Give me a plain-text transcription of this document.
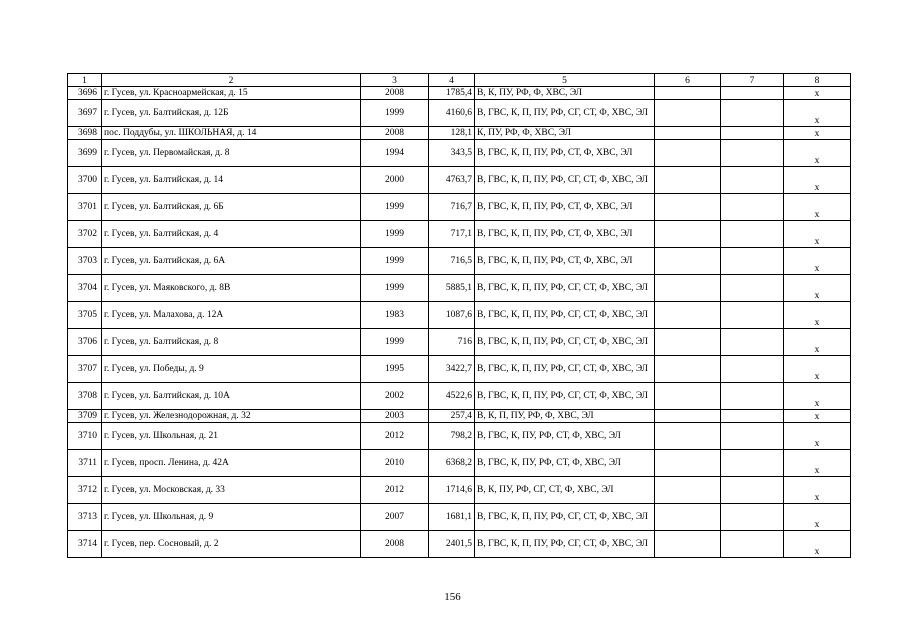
1	2	3	4	5	6	7	8
3696	г. Гусев, ул. Красноармейская, д. 15	2008	1785,4	В, К, ПУ, РФ, Ф, ХВС, ЭЛ			х
3697	г. Гусев, ул. Балтийская, д. 12Б	1999	4160,6	В, ГВС, К, П, ПУ, РФ, СГ, СТ, Ф, ХВС, ЭЛ			х
3698	пос. Поддубы, ул. ШКОЛЬНАЯ, д. 14	2008	128,1	К, ПУ, РФ, Ф, ХВС, ЭЛ			х
3699	г. Гусев, ул. Первомайская, д. 8	1994	343,5	В, ГВС, К, П, ПУ, РФ, СТ, Ф, ХВС, ЭЛ			х
3700	г. Гусев, ул. Балтийская, д. 14	2000	4763,7	В, ГВС, К, П, ПУ, РФ, СГ, СТ, Ф, ХВС, ЭЛ			х
3701	г. Гусев, ул. Балтийская, д. 6Б	1999	716,7	В, ГВС, К, П, ПУ, РФ, СТ, Ф, ХВС, ЭЛ			х
3702	г. Гусев, ул. Балтийская, д. 4	1999	717,1	В, ГВС, К, П, ПУ, РФ, СТ, Ф, ХВС, ЭЛ			х
3703	г. Гусев, ул. Балтийская, д. 6А	1999	716,5	В, ГВС, К, П, ПУ, РФ, СТ, Ф, ХВС, ЭЛ			х
3704	г. Гусев, ул. Маяковского, д. 8В	1999	5885,1	В, ГВС, К, П, ПУ, РФ, СГ, СТ, Ф, ХВС, ЭЛ			х
3705	г. Гусев, ул. Малахова, д. 12А	1983	1087,6	В, ГВС, К, П, ПУ, РФ, СГ, СТ, Ф, ХВС, ЭЛ			х
3706	г. Гусев, ул. Балтийская, д. 8	1999	716	В, ГВС, К, П, ПУ, РФ, СГ, СТ, Ф, ХВС, ЭЛ			х
3707	г. Гусев, ул. Победы, д. 9	1995	3422,7	В, ГВС, К, П, ПУ, РФ, СГ, СТ, Ф, ХВС, ЭЛ			х
3708	г. Гусев, ул. Балтийская, д. 10А	2002	4522,6	В, ГВС, К, П, ПУ, РФ, СГ, СТ, Ф, ХВС, ЭЛ			х
3709	г. Гусев, ул. Железнодорожная, д. 32	2003	257,4	В, К, П, ПУ, РФ, Ф, ХВС, ЭЛ			х
3710	г. Гусев, ул. Школьная, д. 21	2012	798,2	В, ГВС, К, ПУ, РФ, СТ, Ф, ХВС, ЭЛ			х
3711	г. Гусев, просп. Ленина, д. 42А	2010	6368,2	В, ГВС, К, ПУ, РФ, СТ, Ф, ХВС, ЭЛ			х
3712	г. Гусев, ул. Московская, д. 33	2012	1714,6	В, К, ПУ, РФ, СГ, СТ, Ф, ХВС, ЭЛ			х
3713	г. Гусев, ул. Школьная, д. 9	2007	1681,1	В, ГВС, К, П, ПУ, РФ, СГ, СТ, Ф, ХВС, ЭЛ			х
3714	г. Гусев, пер. Сосновый, д. 2	2008	2401,5	В, ГВС, К, П, ПУ, РФ, СГ, СТ, Ф, ХВС, ЭЛ			х
156
